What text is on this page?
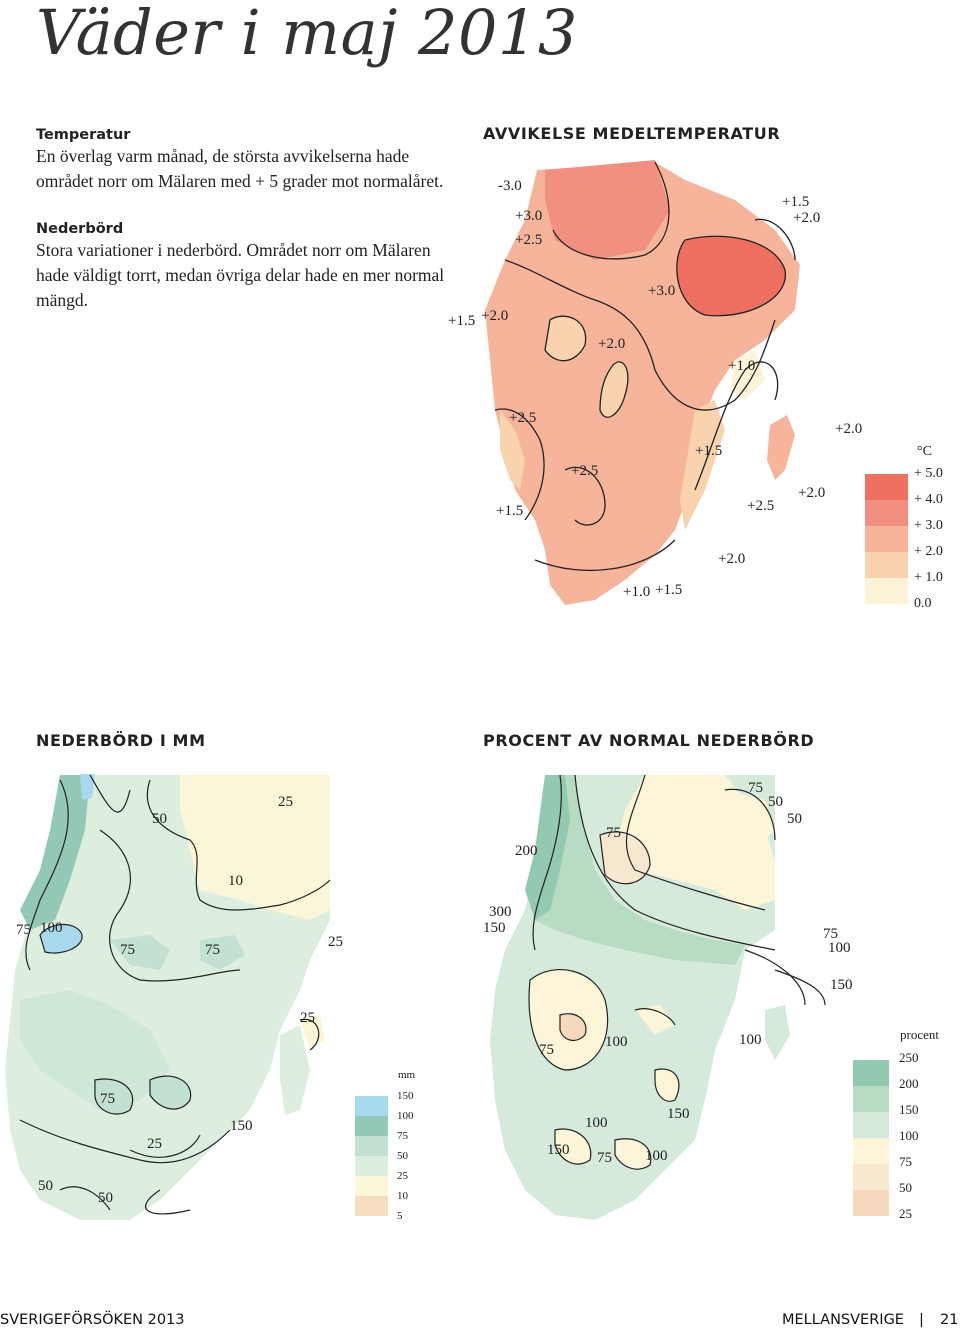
Väder i maj 2013
Temperatur

En överlag varm månad, de största avvikelserna hade området norr om Mälaren med + 5 grader mot normalåret.

Nederbörd

Stora variationer i nederbörd. Området norr om Mälaren hade väldigt torrt, medan övriga delar hade en mer normal mängd.

AVVIKELSE MEDELTEMPERATUR
-3.0
+3.0
+2.5
+1.5
+2.0
+3.0
+1.5 +2.0
+2.0
+1.0
+2.5
+2.0
+1.5
+2.5
+1.5
+2.0
+2.5
+2.0
+1.0 +1.5
°C
+ 5.0
+ 4.0
+ 3.0
+ 2.0
+ 1.0
0.0
NEDERBÖRD I MM
25
50
10
75 100
75	75	25
25
75
150
25
50
50
mm
150
100
75
50
25
10
5
PROCENT AV NORMAL NEDERBÖRD
75
50
50
75
200
300
150	75
100
150
100
75
100
100
150
100
150 75
procent
250
200
150
100
75
50
25
SVERIGEFÖRSÖKEN 2013	MELLANSVERIGE | 21
